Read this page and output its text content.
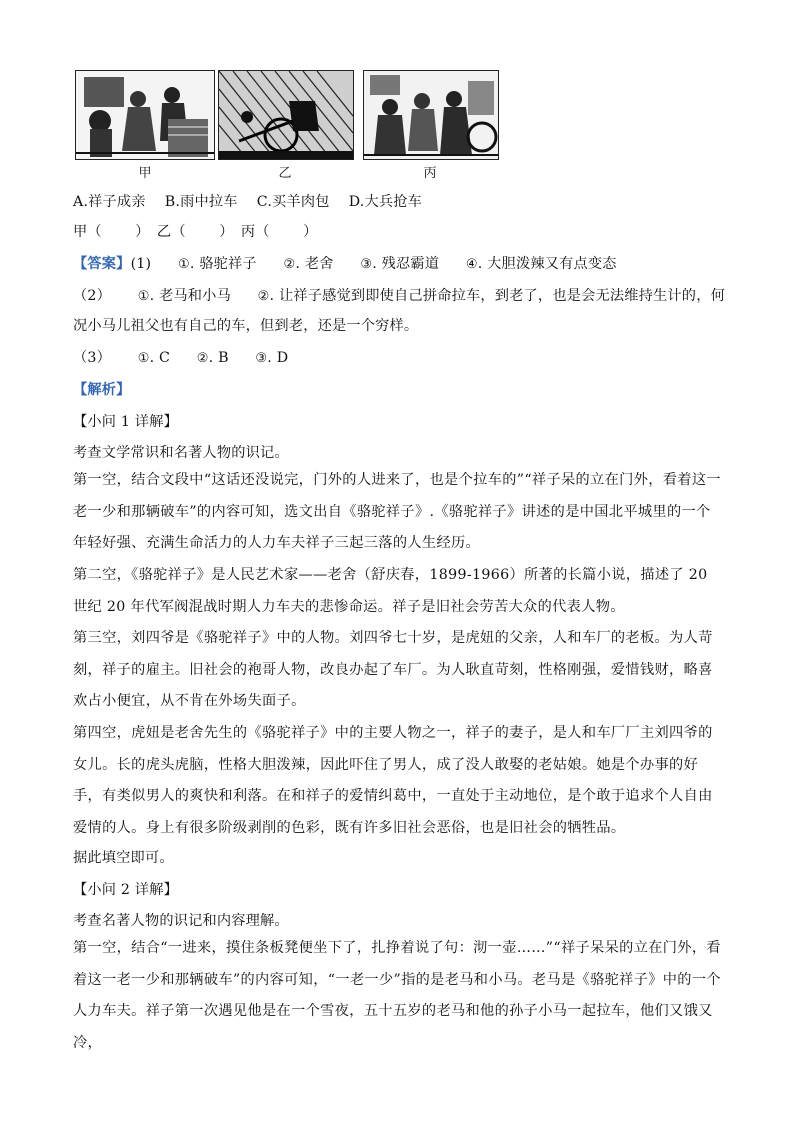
甲	乙	丙
A.祥子成亲　 B.雨中拉车　 C.买羊肉包　 D.大兵抢车
甲（　　 ）　乙（　　 ）　丙（　　 ）
【答案】(1) ①. 骆驼祥子 ②. 老舍 ③. 残忍霸道 ④. 大胆泼辣又有点变态
（2） ①. 老马和小马 ②. 让祥子感觉到即使自己拼命拉车，到老了，也是会无法维持生计的，何
况小马儿祖父也有自己的车，但到老，还是一个穷样。
（3） ①. C ②. B ③. D
【解析】
【小问 1 详解】
考查文学常识和名著人物的识记。
第一空，结合文段中“这话还没说完，门外的人进来了，也是个拉车的”“祥子呆的立在门外，看着这一老一少和那辆破车”的内容可知，选文出自《骆驼祥子》.《骆驼祥子》讲述的是中国北平城里的一个年轻好强、充满生命活力的人力车夫祥子三起三落的人生经历。
第二空，《骆驼祥子》是人民艺术家——老舍（舒庆春，1899-1966）所著的长篇小说，描述了 20 世纪 20 年代军阀混战时期人力车夫的悲惨命运。祥子是旧社会劳苦大众的代表人物。
第三空，刘四爷是《骆驼祥子》中的人物。刘四爷七十岁，是虎妞的父亲，人和车厂的老板。为人苛刻，祥子的雇主。旧社会的袍哥人物，改良办起了车厂。为人耿直苛刻，性格刚强，爱惜钱财，略喜欢占小便宜，从不肯在外场失面子。
第四空，虎妞是老舍先生的《骆驼祥子》中的主要人物之一，祥子的妻子，是人和车厂厂主刘四爷的女儿。长的虎头虎脑，性格大胆泼辣，因此吓住了男人，成了没人敢娶的老姑娘。她是个办事的好手，有类似男人的爽快和利落。在和祥子的爱情纠葛中，一直处于主动地位，是个敢于追求个人自由爱情的人。身上有很多阶级剥削的色彩，既有许多旧社会恶俗，也是旧社会的牺牲品。
据此填空即可。
【小问 2 详解】
考查名著人物的识记和内容理解。
第一空，结合“一进来，摸住条板凳便坐下了，扎挣着说了句：沏一壶……”“祥子呆呆的立在门外，看着这一老一少和那辆破车”的内容可知，“一老一少”指的是老马和小马。老马是《骆驼祥子》中的一个人力车夫。祥子第一次遇见他是在一个雪夜，五十五岁的老马和他的孙子小马一起拉车，他们又饿又冷，
